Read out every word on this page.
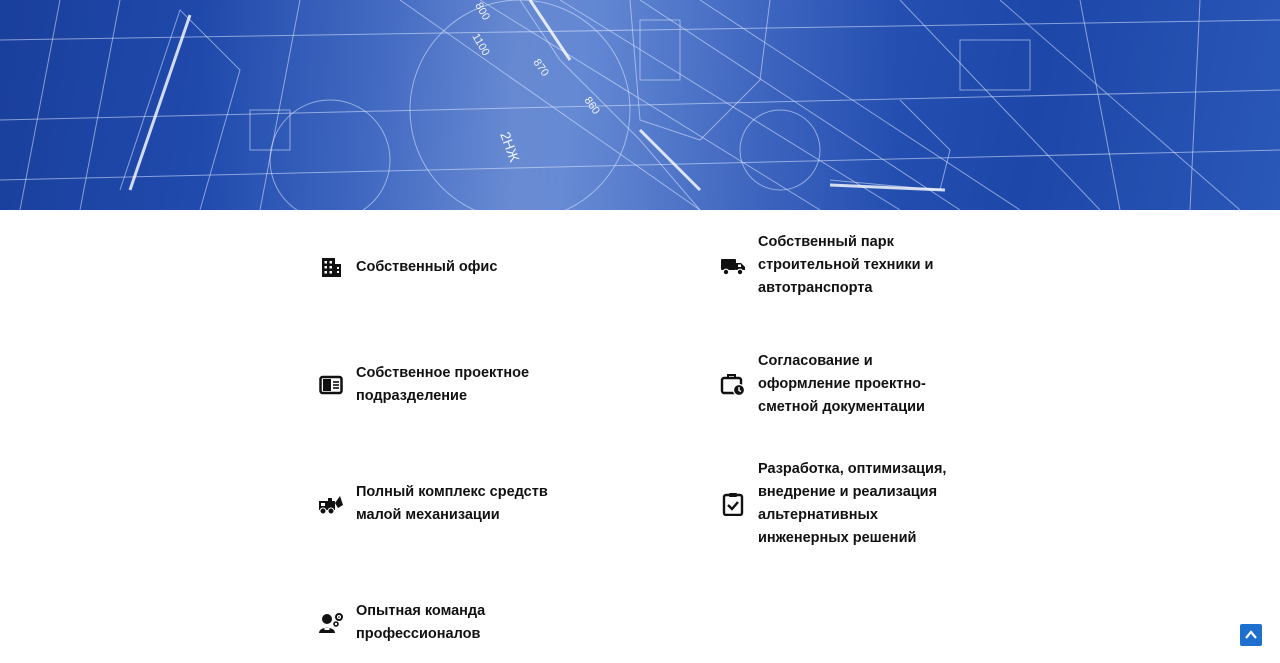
1100
800
870
860
2НЖ
Собственный офис
Собственное проектное подразделение
Полный комплекс средств малой механизации
Опытная команда профессионалов
Собственный парк строительной техники и автотранспорта
Согласование и оформление проектно-сметной документации
Разработка, оптимизация, внедрение и реализация альтернативных инженерных решений
